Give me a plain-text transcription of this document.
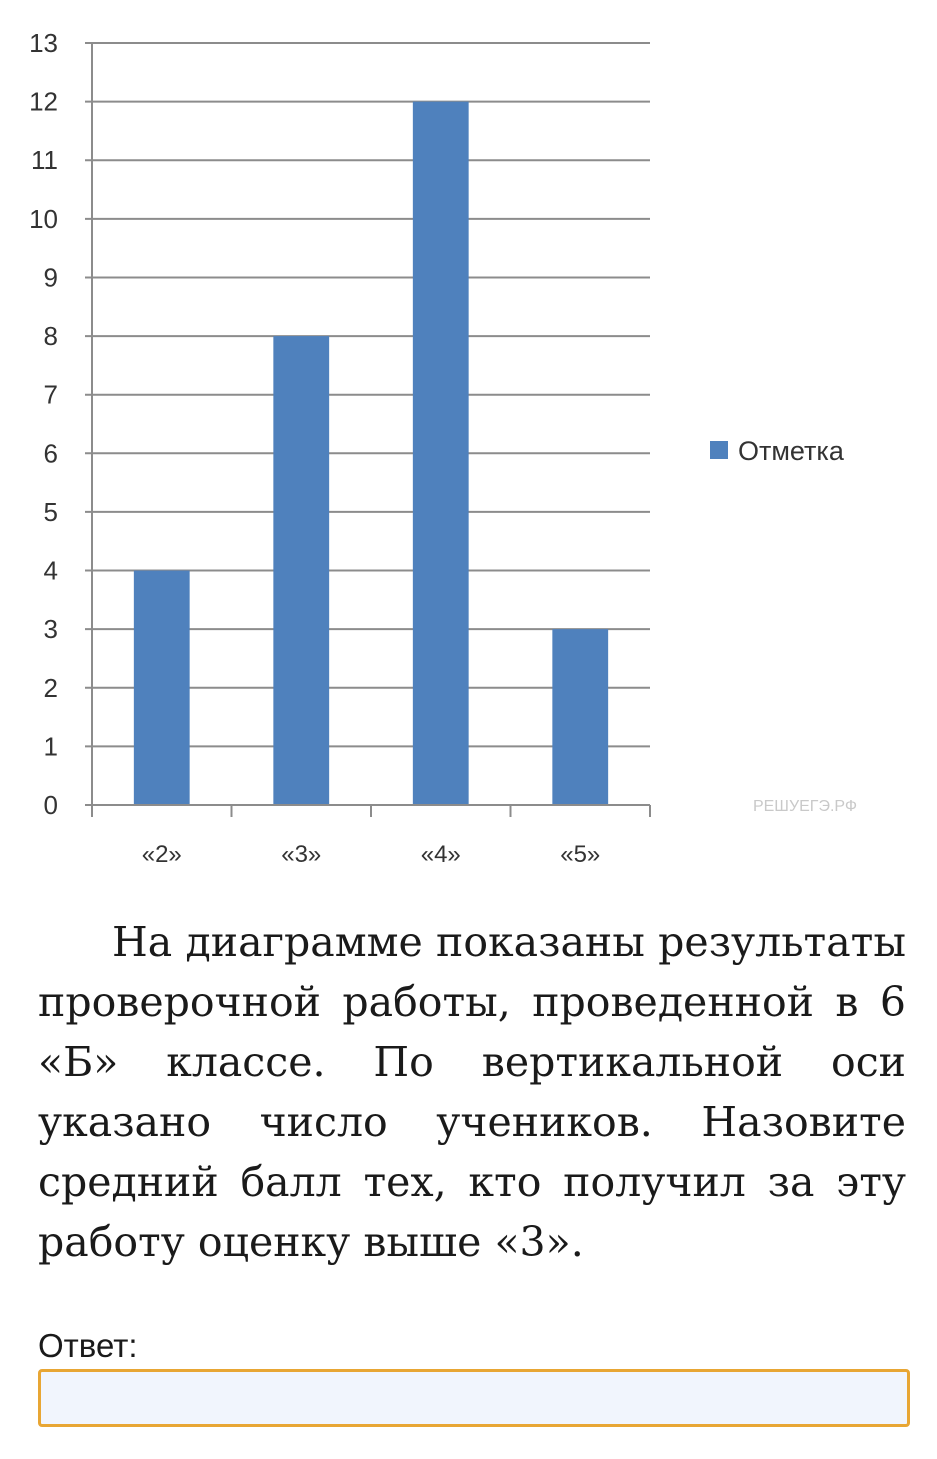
0
1
2
3
4
5
6
7
8
9
10
11
12
13
«2»	«3»	«4»	«5»
Отметка
РЕШУЕГЭ.РФ

На диаграмме показаны результаты проверочной работы, проведенной в 6 «Б» классе. По вертикальной оси указано число учеников. Назовите средний балл тех, кто получил за эту работу оценку выше «3».

Ответ:
